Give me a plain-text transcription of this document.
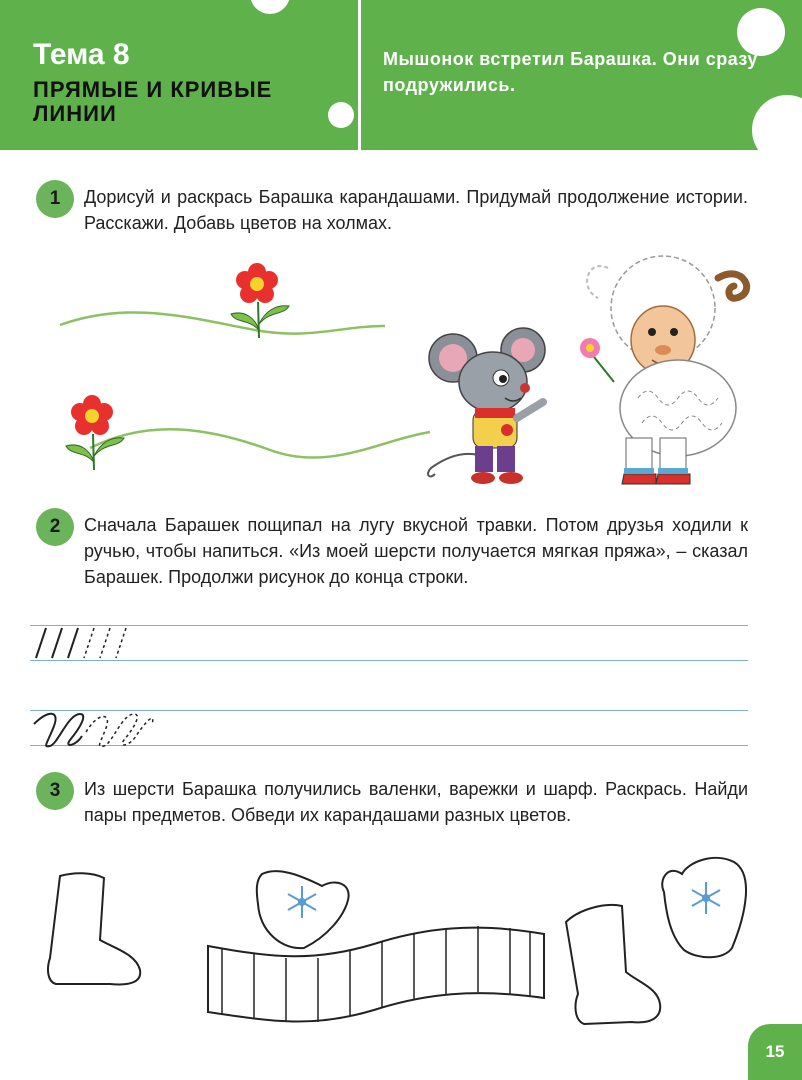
Тема 8
ПРЯМЫЕ И КРИВЫЕ ЛИНИИ
Мышонок встретил Барашка. Они сразу подружились.
1	Дорисуй и раскрась Барашка карандашами. Придумай продолжение истории. Расскажи. Добавь цветов на холмах.
2	Сначала Барашек пощипал на лугу вкусной травки. Потом друзья ходили к ручью, чтобы напиться. «Из моей шерсти получается мягкая пряжа», – сказал Барашек. Продолжи рисунок до конца строки.
3	Из шерсти Барашка получились валенки, варежки и шарф. Раскрась. Найди пары предметов. Обведи их карандашами разных цветов.
15
